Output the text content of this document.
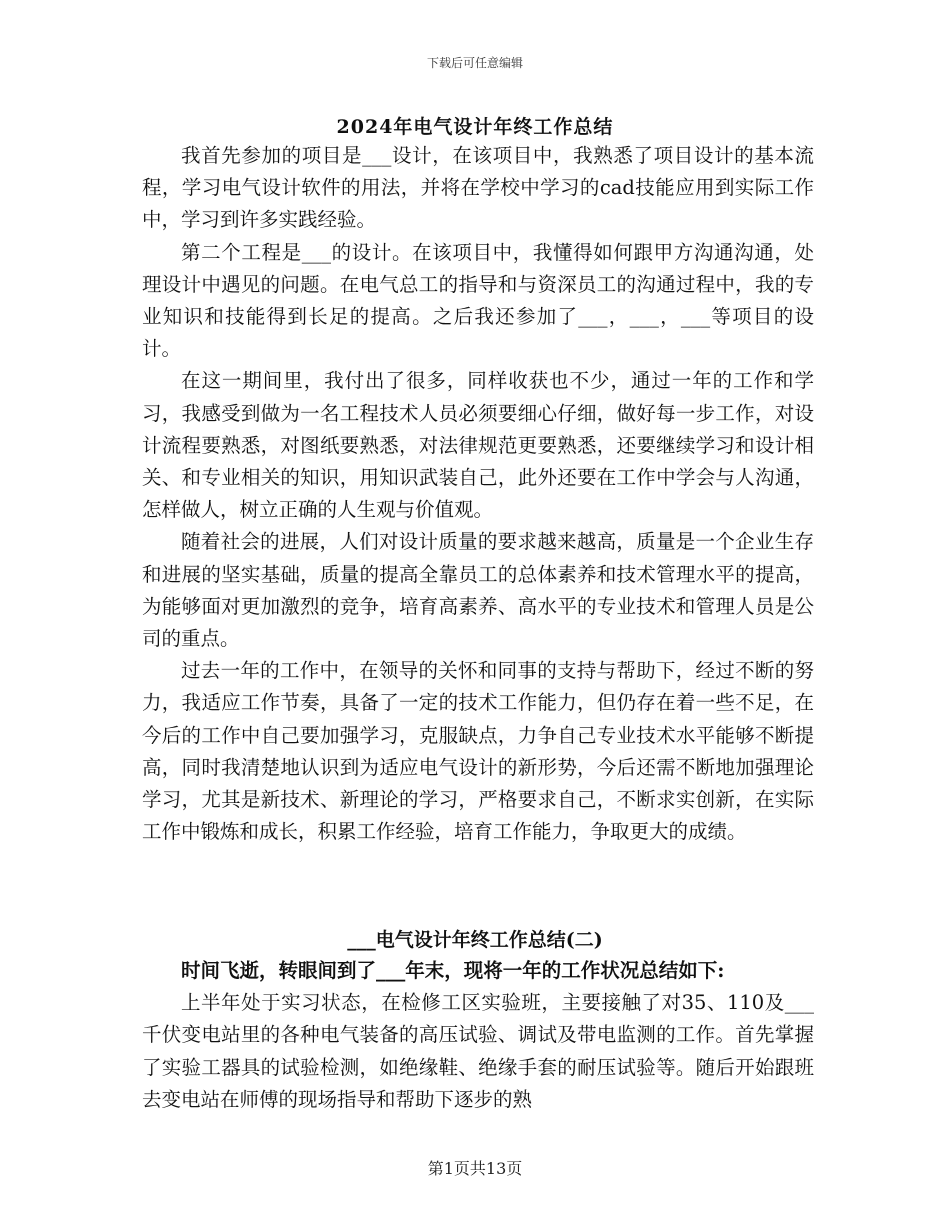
下载后可任意编辑
2024年电气设计年终工作总结

我首先参加的项目是___设计，在该项目中，我熟悉了项目设计的基本流程，学习电气设计软件的用法，并将在学校中学习的cad技能应用到实际工作中，学习到许多实践经验。

第二个工程是___的设计。在该项目中，我懂得如何跟甲方沟通沟通，处理设计中遇见的问题。在电气总工的指导和与资深员工的沟通过程中，我的专业知识和技能得到长足的提高。之后我还参加了___，___，___等项目的设计。

在这一期间里，我付出了很多，同样收获也不少，通过一年的工作和学习，我感受到做为一名工程技术人员必须要细心仔细，做好每一步工作，对设计流程要熟悉，对图纸要熟悉，对法律规范更要熟悉，还要继续学习和设计相关、和专业相关的知识，用知识武装自己，此外还要在工作中学会与人沟通，怎样做人，树立正确的人生观与价值观。

随着社会的进展，人们对设计质量的要求越来越高，质量是一个企业生存和进展的坚实基础，质量的提高全靠员工的总体素养和技术管理水平的提高，为能够面对更加激烈的竞争，培育高素养、高水平的专业技术和管理人员是公司的重点。

过去一年的工作中，在领导的关怀和同事的支持与帮助下，经过不断的努力，我适应工作节奏，具备了一定的技术工作能力，但仍存在着一些不足，在今后的工作中自己要加强学习，克服缺点，力争自己专业技术水平能够不断提高，同时我清楚地认识到为适应电气设计的新形势，今后还需不断地加强理论学习，尤其是新技术、新理论的学习，严格要求自己，不断求实创新，在实际工作中锻炼和成长，积累工作经验，培育工作能力，争取更大的成绩。

___电气设计年终工作总结(二)

时间飞逝，转眼间到了___年末，现将一年的工作状况总结如下:

上半年处于实习状态，在检修工区实验班，主要接触了对35、110及___千伏变电站里的各种电气装备的高压试验、调试及带电监测的工作。首先掌握了实验工器具的试验检测，如绝缘鞋、绝缘手套的耐压试验等。随后开始跟班去变电站在师傅的现场指导和帮助下逐步的熟

第1页共13页
